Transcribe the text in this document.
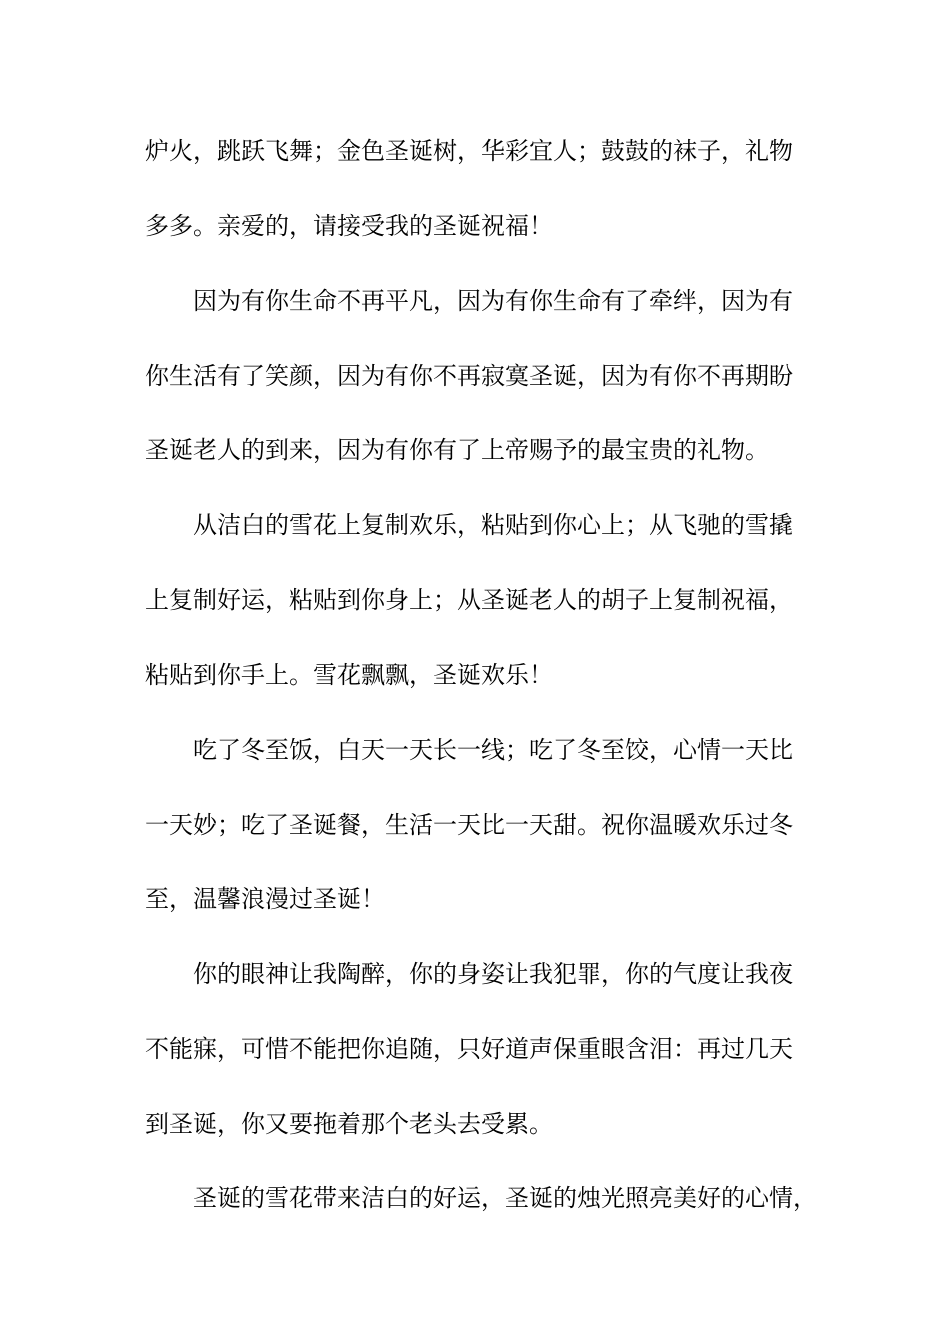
炉火，跳跃飞舞；金色圣诞树，华彩宜人；鼓鼓的袜子，礼物
多多。亲爱的，请接受我的圣诞祝福！
因为有你生命不再平凡，因为有你生命有了牵绊，因为有
你生活有了笑颜，因为有你不再寂寞圣诞，因为有你不再期盼
圣诞老人的到来，因为有你有了上帝赐予的最宝贵的礼物。
从洁白的雪花上复制欢乐，粘贴到你心上；从飞驰的雪撬
上复制好运，粘贴到你身上；从圣诞老人的胡子上复制祝福，
粘贴到你手上。雪花飘飘，圣诞欢乐！
吃了冬至饭，白天一天长一线；吃了冬至饺，心情一天比
一天妙；吃了圣诞餐，生活一天比一天甜。祝你温暖欢乐过冬
至，温馨浪漫过圣诞！
你的眼神让我陶醉，你的身姿让我犯罪，你的气度让我夜
不能寐，可惜不能把你追随，只好道声保重眼含泪：再过几天
到圣诞，你又要拖着那个老头去受累。
圣诞的雪花带来洁白的好运，圣诞的烛光照亮美好的心情，
